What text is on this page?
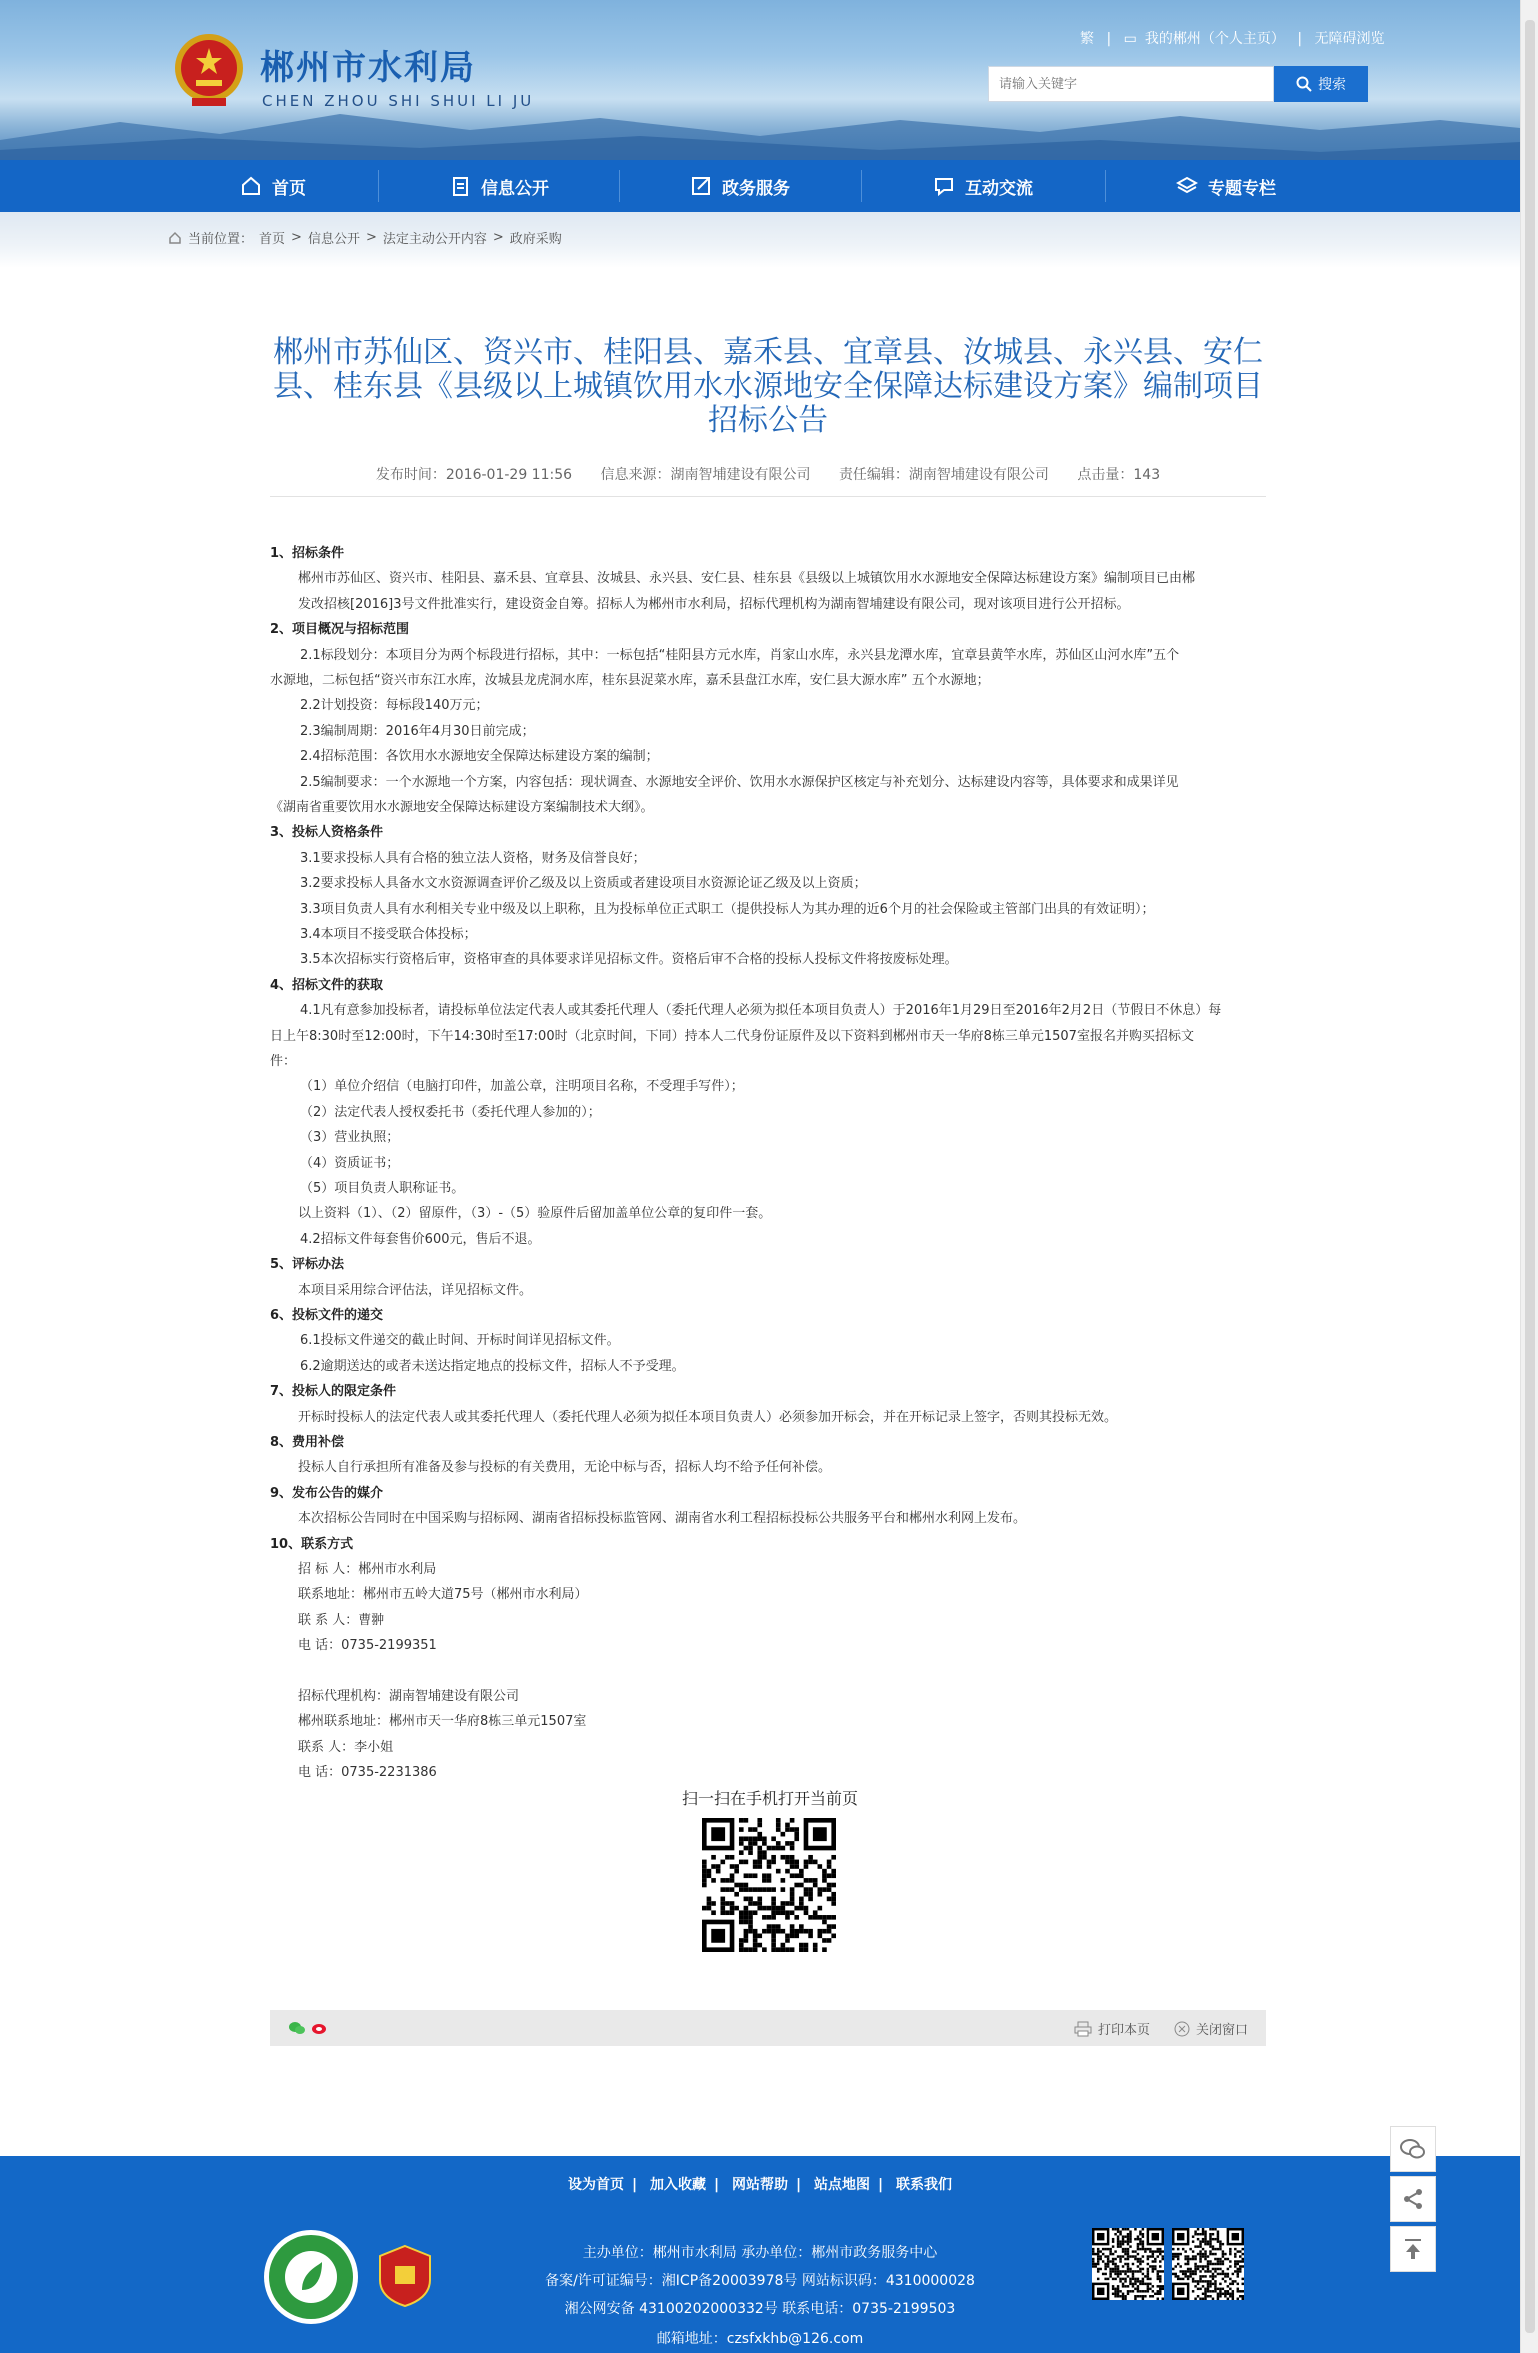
郴州市水利局
CHEN ZHOU SHI SHUI LI JU
繁 | ▭ 我的郴州（个人主页） | 无障碍浏览
请输入关键字
搜索
首页	信息公开	政务服务	互动交流	专题专栏
当前位置： 首页 > 信息公开 > 法定主动公开内容 > 政府采购
郴州市苏仙区、资兴市、桂阳县、嘉禾县、宜章县、汝城县、永兴县、安仁
县、桂东县《县级以上城镇饮用水水源地安全保障达标建设方案》编制项目
招标公告
发布时间：2016-01-29 11:56 信息来源：湖南智埔建设有限公司 责任编辑：湖南智埔建设有限公司 点击量：143
1、招标条件
郴州市苏仙区、资兴市、桂阳县、嘉禾县、宜章县、汝城县、永兴县、安仁县、桂东县《县级以上城镇饮用水水源地安全保障达标建设方案》编制项目已由郴
发改招核[2016]3号文件批准实行，建设资金自筹。招标人为郴州市水利局，招标代理机构为湖南智埔建设有限公司，现对该项目进行公开招标。
2、项目概况与招标范围
2.1标段划分：本项目分为两个标段进行招标，其中：一标包括“桂阳县方元水库，肖家山水库，永兴县龙潭水库，宜章县黄竿水库，苏仙区山河水库”五个
水源地，二标包括“资兴市东江水库，汝城县龙虎洞水库，桂东县浞菜水库，嘉禾县盘江水库，安仁县大源水库” 五个水源地；
2.2计划投资：每标段140万元；
2.3编制周期：2016年4月30日前完成；
2.4招标范围：各饮用水水源地安全保障达标建设方案的编制；
2.5编制要求：一个水源地一个方案，内容包括：现状调查、水源地安全评价、饮用水水源保护区核定与补充划分、达标建设内容等，具体要求和成果详见
《湖南省重要饮用水水源地安全保障达标建设方案编制技术大纲》。
3、投标人资格条件
3.1要求投标人具有合格的独立法人资格，财务及信誉良好；
3.2要求投标人具备水文水资源调查评价乙级及以上资质或者建设项目水资源论证乙级及以上资质；
3.3项目负责人具有水利相关专业中级及以上职称，且为投标单位正式职工（提供投标人为其办理的近6个月的社会保险或主管部门出具的有效证明）；
3.4本项目不接受联合体投标；
3.5本次招标实行资格后审，资格审查的具体要求详见招标文件。资格后审不合格的投标人投标文件将按废标处理。
4、招标文件的获取
4.1凡有意参加投标者，请投标单位法定代表人或其委托代理人（委托代理人必须为拟任本项目负责人）于2016年1月29日至2016年2月2日（节假日不休息）每
日上午8:30时至12:00时，下午14:30时至17:00时（北京时间，下同）持本人二代身份证原件及以下资料到郴州市天一华府8栋三单元1507室报名并购买招标文
件：
（1）单位介绍信（电脑打印件，加盖公章，注明项目名称，不受理手写件）；
（2）法定代表人授权委托书（委托代理人参加的）；
（3）营业执照；
（4）资质证书；
（5）项目负责人职称证书。
以上资料（1）、（2）留原件，（3）-（5）验原件后留加盖单位公章的复印件一套。
4.2招标文件每套售价600元，售后不退。
5、评标办法
本项目采用综合评估法，详见招标文件。
6、投标文件的递交
6.1投标文件递交的截止时间、开标时间详见招标文件。
6.2逾期送达的或者未送达指定地点的投标文件，招标人不予受理。
7、投标人的限定条件
开标时投标人的法定代表人或其委托代理人（委托代理人必须为拟任本项目负责人）必须参加开标会，并在开标记录上签字，否则其投标无效。
8、费用补偿
投标人自行承担所有准备及参与投标的有关费用，无论中标与否，招标人均不给予任何补偿。
9、发布公告的媒介
本次招标公告同时在中国采购与招标网、湖南省招标投标监管网、湖南省水利工程招标投标公共服务平台和郴州水利网上发布。
10、联系方式
招 标 人：郴州市水利局
联系地址：郴州市五岭大道75号（郴州市水利局）
联 系 人：曹翀
电 话：0735-2199351
招标代理机构：湖南智埔建设有限公司
郴州联系地址：郴州市天一华府8栋三单元1507室
联系 人：李小姐
电 话：0735-2231386
扫一扫在手机打开当前页
打印本页	关闭窗口
设为首页 | 加入收藏 | 网站帮助 | 站点地图 | 联系我们
主办单位：郴州市水利局 承办单位：郴州市政务服务中心
备案/许可证编号：湘ICP备20003978号 网站标识码：4310000028
湘公网安备 43100202000332号 联系电话：0735-2199503
邮箱地址：czsfxkhb@126.com
